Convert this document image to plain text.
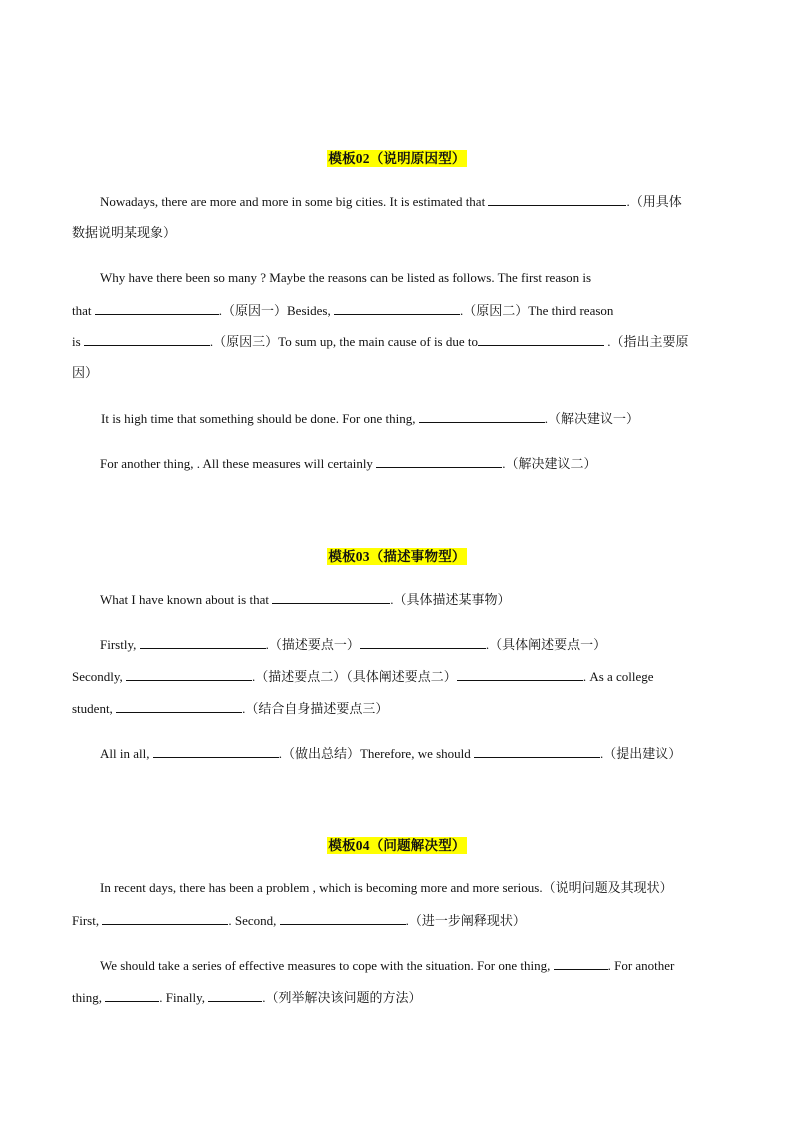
模板02（说明原因型）
Nowadays, there are more and more in some big cities. It is estimated that	.（用具体
数据说明某现象）
Why have there been so many ? Maybe the reasons can be listed as follows. The first reason is
that	.（原因一）Besides,	.（原因二）The third reason
is	.（原因三）To sum up, the main cause of is due to	.（指出主要原
因）
It is high time that something should be done. For one thing,	.（解决建议一）
For another thing, . All these measures will certainly	.（解决建议二）
模板03（描述事物型）
What I have known about is that	.（具体描述某事物）
Firstly,	.（描述要点一）	.（具体阐述要点一）
Secondly,	.（描述要点二）（具体阐述要点二）	. As a college
student,	.（结合自身描述要点三）
All in all,	.（做出总结）Therefore, we should	.（提出建议）
模板04（问题解决型）
In recent days, there has been a problem , which is becoming more and more serious.（说明问题及其现状）
First,	. Second,	.（进一步阐释现状）
We should take a series of effective measures to cope with the situation. For one thing,	. For another
thing,	. Finally,	.（列举解决该问题的方法）
